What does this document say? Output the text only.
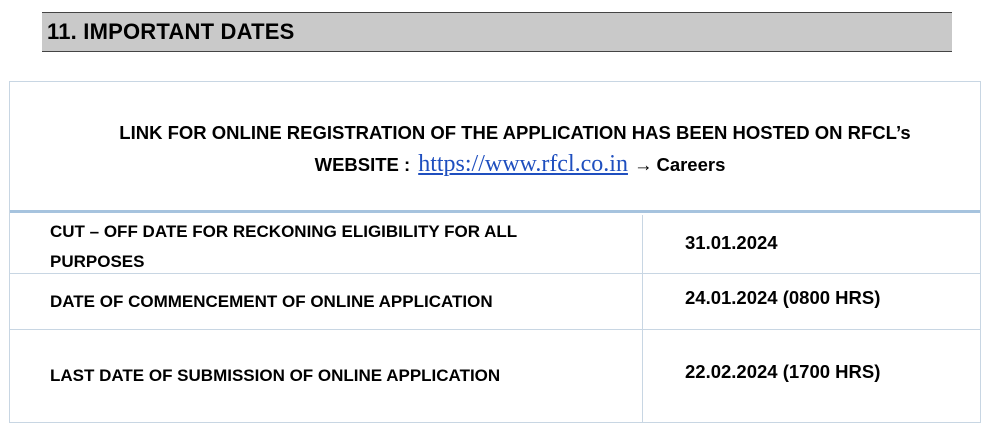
11. IMPORTANT DATES
LINK FOR ONLINE REGISTRATION OF THE APPLICATION HAS BEEN HOSTED ON RFCL’s
WEBSITE : https://www.rfcl.co.in → Careers
CUT – OFF DATE FOR RECKONING ELIGIBILITY FOR ALL PURPOSES
31.01.2024
DATE OF COMMENCEMENT OF ONLINE APPLICATION	24.01.2024 (0800 HRS)
LAST DATE OF SUBMISSION OF ONLINE APPLICATION	22.02.2024 (1700 HRS)
